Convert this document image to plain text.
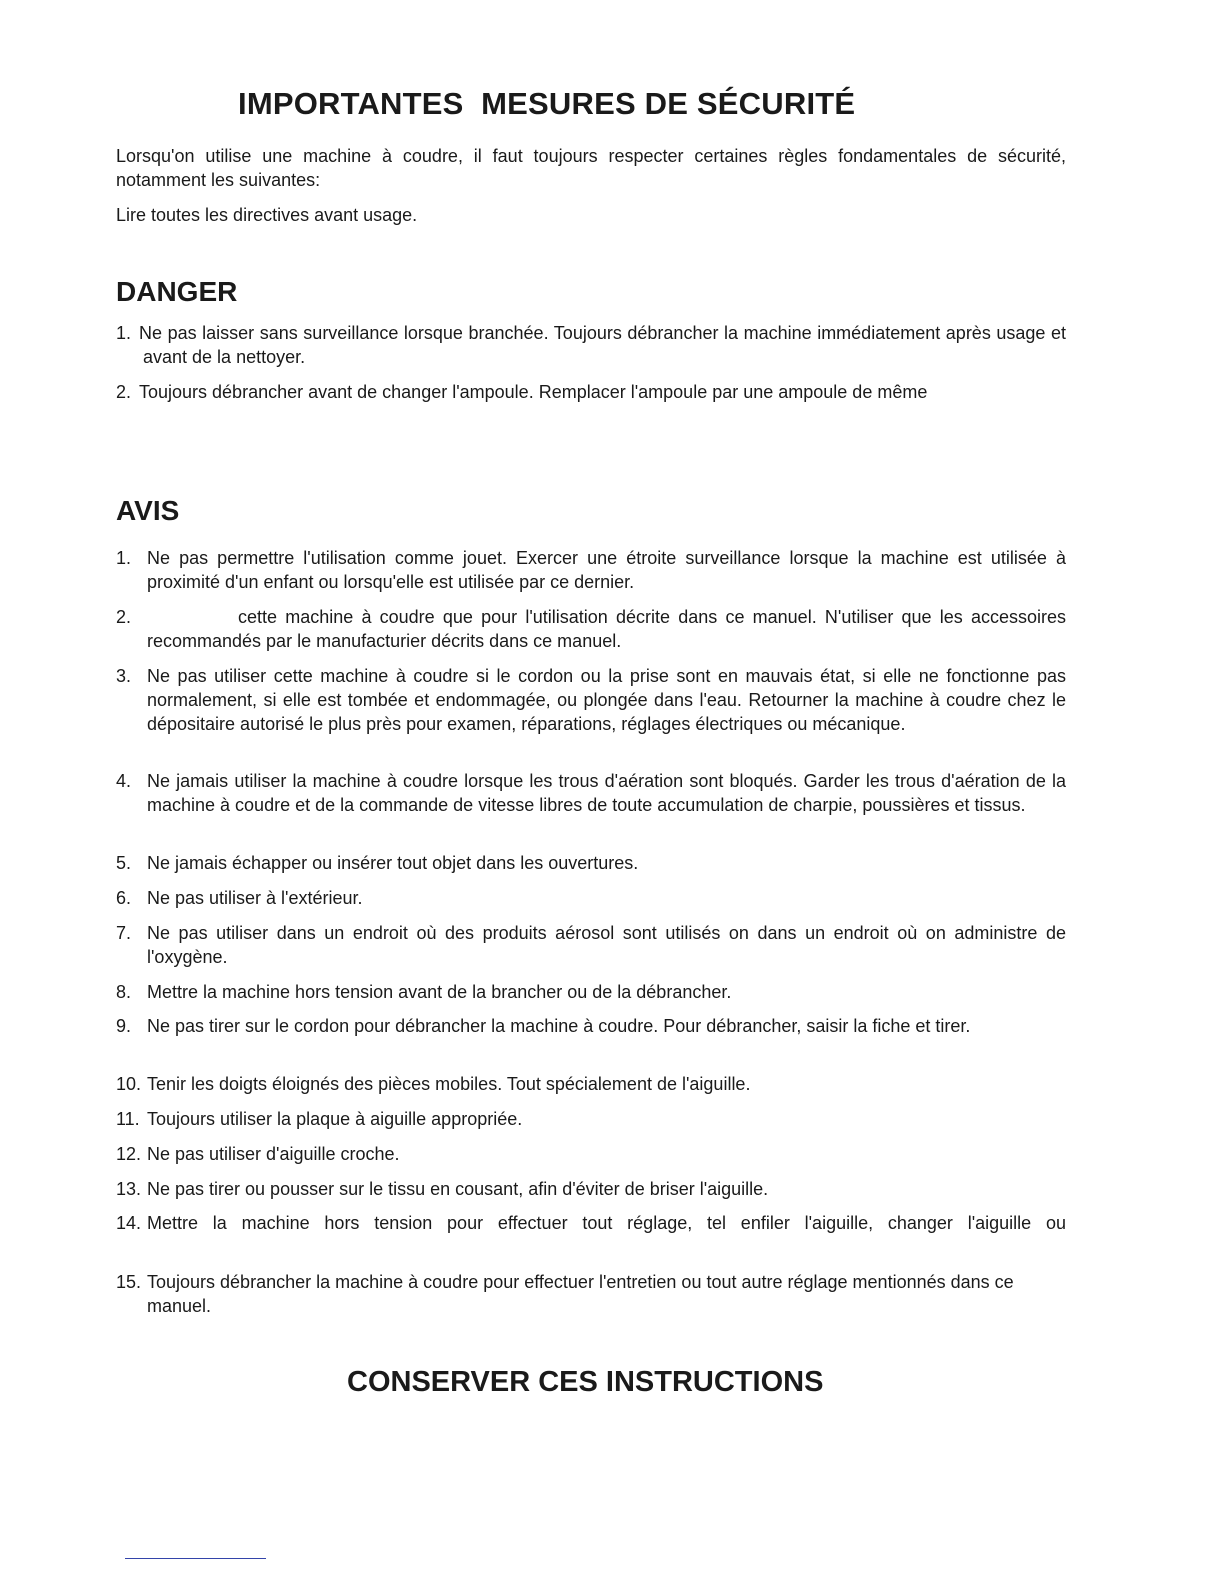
IMPORTANTES  MESURES DE SÉCURITÉ

Lorsqu'on utilise une machine à coudre, il faut toujours respecter certaines règles fondamentales de sécurité, notamment les suivantes:

Lire toutes les directives avant usage.

DANGER
1. Ne pas laisser sans surveillance lorsque branchée. Toujours débrancher la machine immédiatement après usage et avant de la nettoyer.
2. Toujours débrancher avant de changer l'ampoule. Remplacer l'ampoule par une ampoule de même
AVIS
1. Ne pas permettre l'utilisation comme jouet. Exercer une étroite surveillance lorsque la machine est utilisée à proximité d'un enfant ou lorsqu'elle est utilisée par ce dernier.
2.	cette machine à coudre que pour l'utilisation décrite dans ce manuel. N'utiliser que les accessoires recommandés par le manufacturier décrits dans ce manuel.
3. Ne pas utiliser cette machine à coudre si le cordon ou la prise sont en mauvais état, si elle ne fonctionne pas normalement, si elle est tombée et endommagée, ou plongée dans l'eau. Retourner la machine à coudre chez le dépositaire autorisé le plus près pour examen, réparations, réglages électriques ou mécanique.
4. Ne jamais utiliser la machine à coudre lorsque les trous d'aération sont bloqués. Garder les trous d'aération de la machine à coudre et de la commande de vitesse libres de toute accumulation de charpie, poussières et tissus.
5. Ne jamais échapper ou insérer tout objet dans les ouvertures.
6. Ne pas utiliser à l'extérieur.
7. Ne pas utiliser dans un endroit où des produits aérosol sont utilisés on dans un endroit où on administre de l'oxygène.
8. Mettre la machine hors tension avant de la brancher ou de la débrancher.
9. Ne pas tirer sur le cordon pour débrancher la machine à coudre. Pour débrancher, saisir la fiche et tirer.
10. Tenir les doigts éloignés des pièces mobiles. Tout spécialement de l'aiguille.
11. Toujours utiliser la plaque à aiguille appropriée.
12. Ne pas utiliser d'aiguille croche.
13. Ne pas tirer ou pousser sur le tissu en cousant, afin d'éviter de briser l'aiguille.
14. Mettre la machine hors tension pour effectuer tout réglage, tel enfiler l'aiguille, changer l'aiguille ou
15. Toujours débrancher la machine à coudre pour effectuer l'entretien ou tout autre réglage mentionnés dans ce manuel.
CONSERVER CES INSTRUCTIONS
